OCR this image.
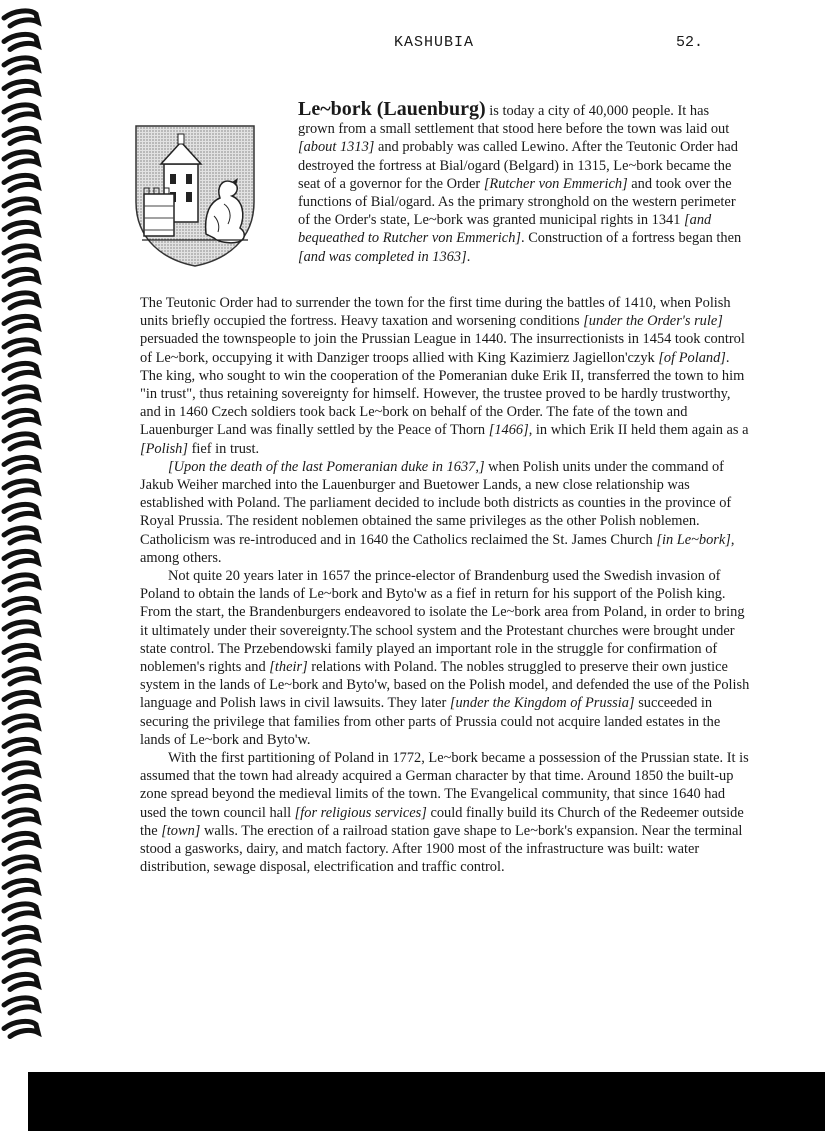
KASHUBIA	52.
Le~bork (Lauenburg) is today a city of 40,000 people. It has grown from a small settlement that stood here before the town was laid out [about 1313] and probably was called Lewino. After the Teutonic Order had destroyed the fortress at Bial/ogard (Belgard) in 1315, Le~bork became the seat of a governor for the Order [Rutcher von Emmerich] and took over the functions of Bial/ogard. As the primary stronghold on the western perimeter of the Order's state, Le~bork was granted municipal rights in 1341 [and bequeathed to Rutcher von Emmerich]. Construction of a fortress began then [and was completed in 1363].

The Teutonic Order had to surrender the town for the first time during the battles of 1410, when Polish units briefly occupied the fortress. Heavy taxation and worsening conditions [under the Order's rule] persuaded the townspeople to join the Prussian League in 1440. The insurrectionists in 1454 took control of Le~bork, occupying it with Danziger troops allied with King Kazimierz Jagiellon'czyk [of Poland]. The king, who sought to win the cooperation of the Pomeranian duke Erik II, transferred the town to him "in trust", thus retaining sovereignty for himself. However, the trustee proved to be hardly trustworthy, and in 1460 Czech soldiers took back Le~bork on behalf of the Order. The fate of the town and Lauenburger Land was finally settled by the Peace of Thorn [1466], in which Erik II held them again as a [Polish] fief in trust.

[Upon the death of the last Pomeranian duke in 1637,] when Polish units under the command of Jakub Weiher marched into the Lauenburger and Buetower Lands, a new close relationship was established with Poland. The parliament decided to include both districts as counties in the province of Royal Prussia. The resident noblemen obtained the same privileges as the other Polish noblemen. Catholicism was re-introduced and in 1640 the Catholics reclaimed the St. James Church [in Le~bork], among others.

Not quite 20 years later in 1657 the prince-elector of Brandenburg used the Swedish invasion of Poland to obtain the lands of Le~bork and Byto'w as a fief in return for his support of the Polish king. From the start, the Brandenburgers endeavored to isolate the Le~bork area from Poland, in order to bring it ultimately under their sovereignty.The school system and the Protestant churches were brought under state control. The Przebendowski family played an important role in the struggle for confirmation of noblemen's rights and [their] relations with Poland. The nobles struggled to preserve their own justice system in the lands of Le~bork and Byto'w, based on the Polish model, and defended the use of the Polish language and Polish laws in civil lawsuits. They later [under the Kingdom of Prussia] succeeded in securing the privilege that families from other parts of Prussia could not acquire landed estates in the lands of Le~bork and Byto'w.

With the first partitioning of Poland in 1772, Le~bork became a possession of the Prussian state. It is assumed that the town had already acquired a German character by that time. Around 1850 the built-up zone spread beyond the medieval limits of the town. The Evangelical community, that since 1640 had used the town council hall [for religious services] could finally build its Church of the Redeemer outside the [town] walls. The erection of a railroad station gave shape to Le~bork's expansion. Near the terminal stood a gasworks, dairy, and match factory. After 1900 most of the infrastructure was built: water distribution, sewage disposal, electrification and traffic control.
